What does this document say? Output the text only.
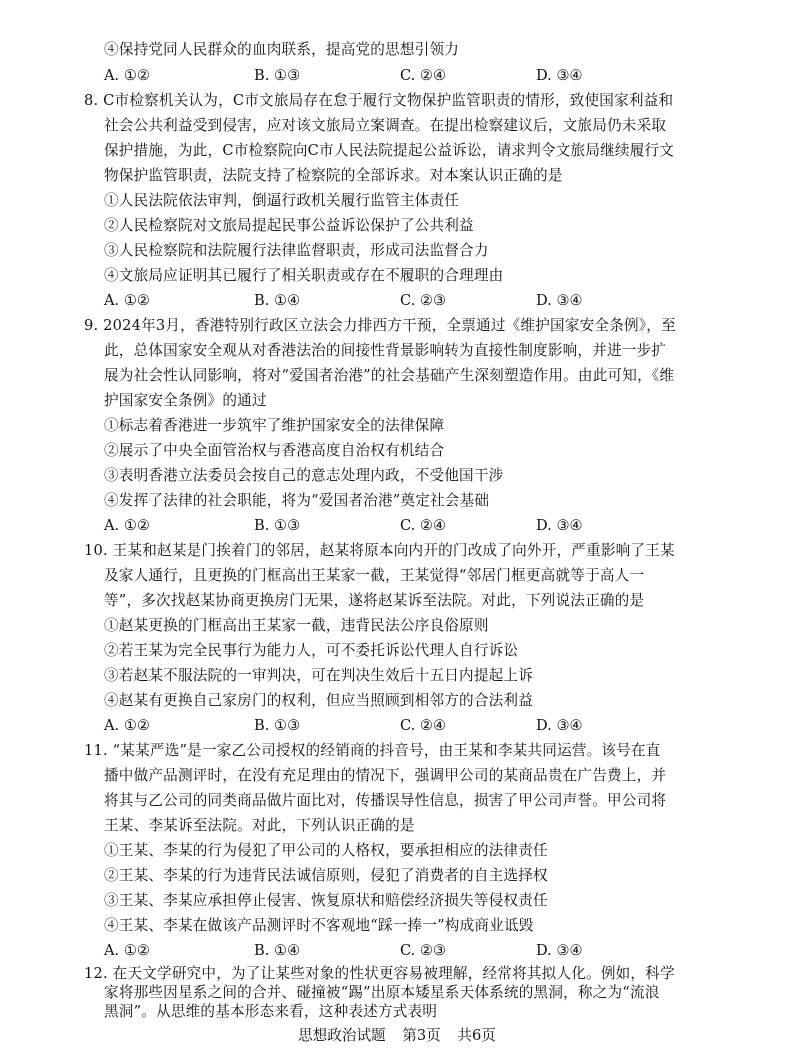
④保持党同人民群众的血肉联系，提高党的思想引领力
A. ①②	B. ①③	C. ②④	D. ③④
8. C市检察机关认为，C市文旅局存在怠于履行文物保护监管职责的情形，致使国家利益和
社会公共利益受到侵害，应对该文旅局立案调查。在提出检察建议后，文旅局仍未采取
保护措施，为此，C市检察院向C市人民法院提起公益诉讼，请求判令文旅局继续履行文
物保护监管职责，法院支持了检察院的全部诉求。对本案认识正确的是
①人民法院依法审判，倒逼行政机关履行监管主体责任
②人民检察院对文旅局提起民事公益诉讼保护了公共利益
③人民检察院和法院履行法律监督职责，形成司法监督合力
④文旅局应证明其已履行了相关职责或存在不履职的合理理由
A. ①②	B. ①④	C. ②③	D. ③④
9. 2024年3月，香港特别行政区立法会力排西方干预，全票通过《维护国家安全条例》，至
此，总体国家安全观从对香港法治的间接性背景影响转为直接性制度影响，并进一步扩
展为社会性认同影响，将对“爱国者治港”的社会基础产生深刻塑造作用。由此可知，《维
护国家安全条例》的通过
①标志着香港进一步筑牢了维护国家安全的法律保障
②展示了中央全面管治权与香港高度自治权有机结合
③表明香港立法委员会按自己的意志处理内政，不受他国干涉
④发挥了法律的社会职能，将为“爱国者治港”奠定社会基础
A. ①②	B. ①③	C. ②④	D. ③④
10. 王某和赵某是门挨着门的邻居，赵某将原本向内开的门改成了向外开，严重影响了王某
及家人通行，且更换的门框高出王某家一截，王某觉得“邻居门框更高就等于高人一
等”，多次找赵某协商更换房门无果，遂将赵某诉至法院。对此，下列说法正确的是
①赵某更换的门框高出王某家一截，违背民法公序良俗原则
②若王某为完全民事行为能力人，可不委托诉讼代理人自行诉讼
③若赵某不服法院的一审判决，可在判决生效后十五日内提起上诉
④赵某有更换自己家房门的权利，但应当照顾到相邻方的合法利益
A. ①②	B. ①③	C. ②④	D. ③④
11. “某某严选”是一家乙公司授权的经销商的抖音号，由王某和李某共同运营。该号在直
播中做产品测评时，在没有充足理由的情况下，强调甲公司的某商品贵在广告费上，并
将其与乙公司的同类商品做片面比对，传播误导性信息，损害了甲公司声誉。甲公司将
王某、李某诉至法院。对此，下列认识正确的是
①王某、李某的行为侵犯了甲公司的人格权，要承担相应的法律责任
②王某、李某的行为违背民法诚信原则，侵犯了消费者的自主选择权
③王某、李某应承担停止侵害、恢复原状和赔偿经济损失等侵权责任
④王某、李某在做该产品测评时不客观地“踩一捧一”构成商业诋毁
A. ①②	B. ①④	C. ②③	D. ③④
12. 在天文学研究中，为了让某些对象的性状更容易被理解，经常将其拟人化。例如，科学
家将那些因星系之间的合并、碰撞被“踢”出原本矮星系天体系统的黑洞，称之为“流浪
思想政治试题 第3页 共6页
黑洞”。从思维的基本形态来看，这种表述方式表明
